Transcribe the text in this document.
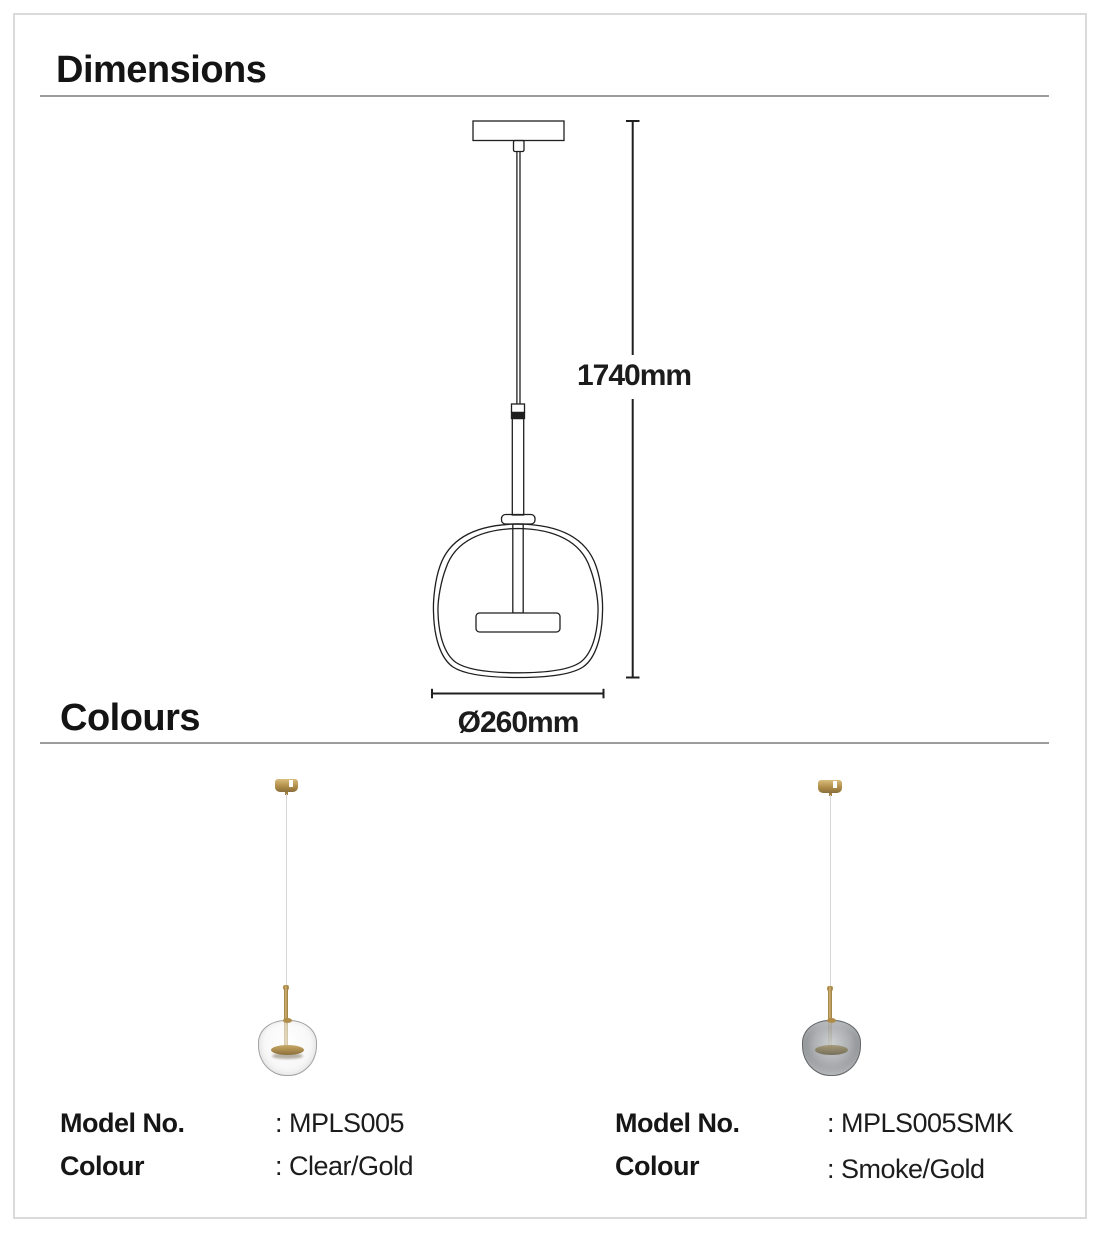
Dimensions
1740mm
Ø260mm
Colours
Model No.	: MPLS005
Colour	: Clear/Gold
Model No.	: MPLS005SMK
Colour	: Smoke/Gold
